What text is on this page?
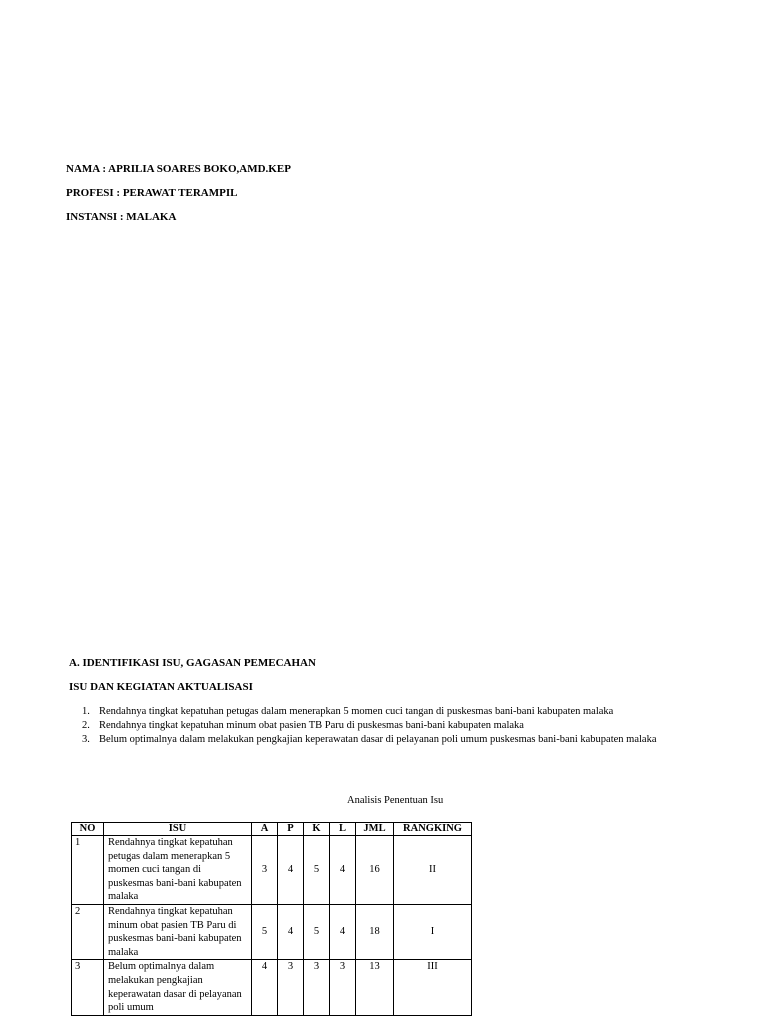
NAMA : APRILIA SOARES BOKO,AMD.KEP
PROFESI : PERAWAT TERAMPIL
INSTANSI : MALAKA
A. IDENTIFIKASI ISU, GAGASAN PEMECAHAN
ISU DAN KEGIATAN AKTUALISASI
1. Rendahnya tingkat kepatuhan petugas dalam menerapkan 5 momen cuci tangan di puskesmas bani-bani kabupaten malaka
2. Rendahnya tingkat kepatuhan minum obat pasien TB Paru di puskesmas bani-bani kabupaten malaka
3. Belum optimalnya dalam melakukan pengkajian keperawatan dasar di pelayanan poli umum puskesmas bani-bani kabupaten malaka
Analisis Penentuan Isu
NO	ISU	A	P	K	L	JML	RANGKING
1	Rendahnya tingkat kepatuhan petugas dalam menerapkan 5 momen cuci tangan di puskesmas bani-bani kabupaten malaka	3	4	5	4	16	II
2	Rendahnya tingkat kepatuhan minum obat pasien TB Paru di puskesmas bani-bani kabupaten malaka	5	4	5	4	18	I
3	Belum optimalnya dalam melakukan pengkajian keperawatan dasar di pelayanan poli umum	4	3	3	3	13	III
